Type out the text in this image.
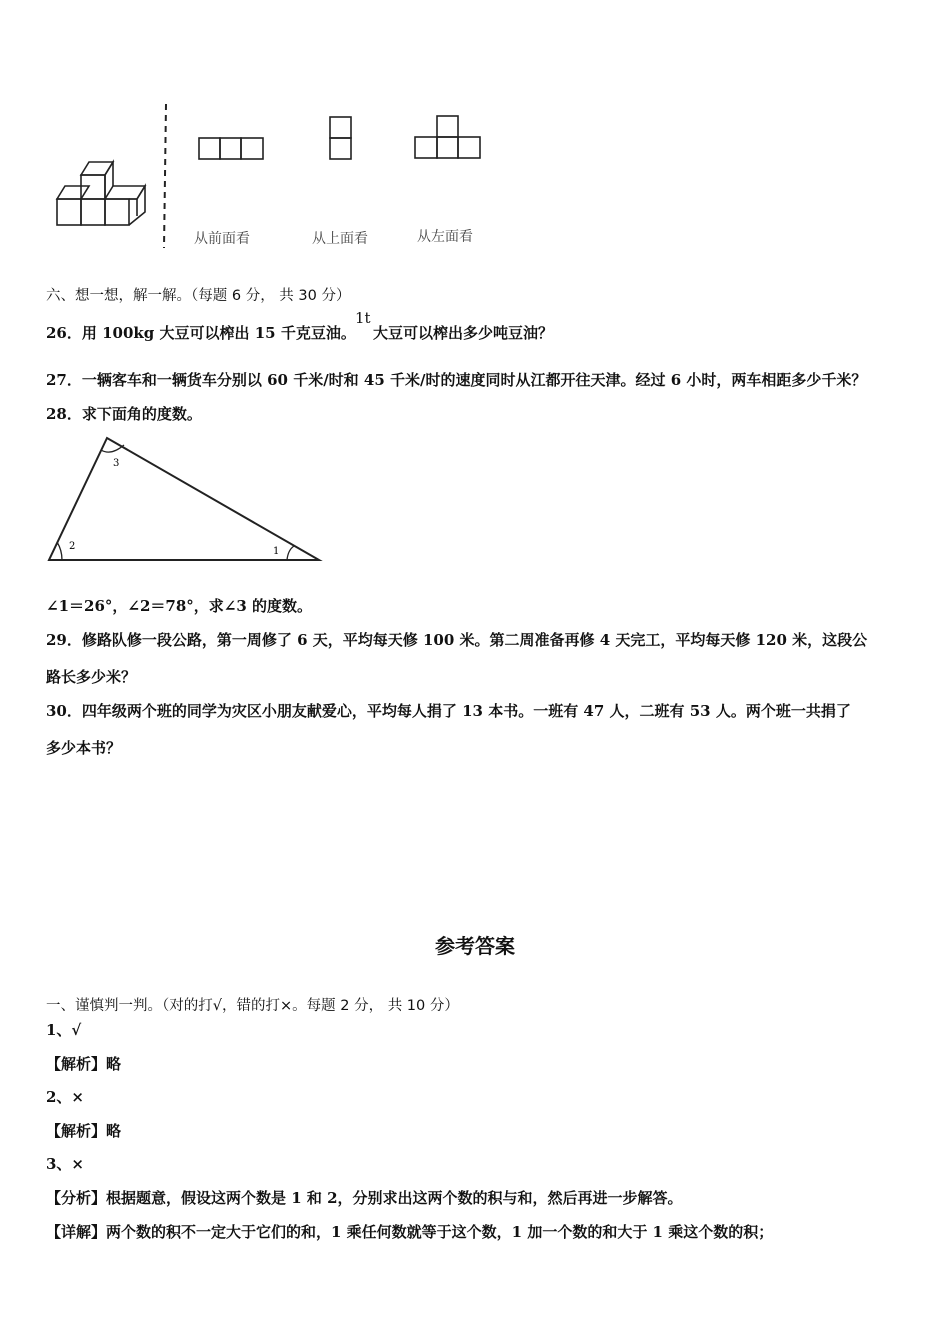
从前面看	从上面看	从左面看
六、想一想，解一解。（每题 6 分， 共 30 分）
26．用 100kg 大豆可以榨出 15 千克豆油。
1t
大豆可以榨出多少吨豆油？
27．一辆客车和一辆货车分别以 60 千米/时和 45 千米/时的速度同时从江都开往天津。经过 6 小时，两车相距多少千米？
28．求下面角的度数。
3
2	1
∠1＝26°，∠2＝78°，求∠3 的度数。
29．修路队修一段公路，第一周修了 6 天，平均每天修 100 米。第二周准备再修 4 天完工，平均每天修 120 米，这段公
路长多少米？
30．四年级两个班的同学为灾区小朋友献爱心，平均每人捐了 13 本书。一班有 47 人，二班有 53 人。两个班一共捐了
多少本书？
参考答案
一、谨慎判一判。（对的打√，错的打×。每题 2 分， 共 10 分）
1、√
【解析】略
2、×
【解析】略
3、×
【分析】根据题意，假设这两个数是 1 和 2，分别求出这两个数的积与和，然后再进一步解答。
【详解】两个数的积不一定大于它们的和，1 乘任何数就等于这个数，1 加一个数的和大于 1 乘这个数的积；
